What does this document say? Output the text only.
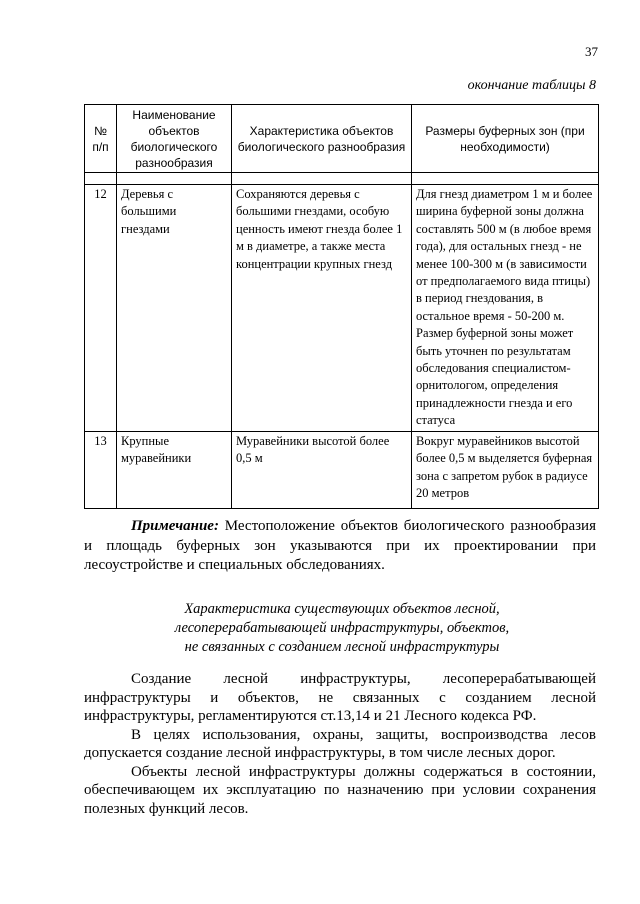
37
окончание таблицы 8
№
п/п	Наименование объектов биологического разнообразия	Характеристика объектов биологического разнообразия	Размеры буферных зон (при необходимости)

12	Деревья с большими гнездами	Сохраняются деревья с большими гнездами, особую ценность имеют гнезда более 1 м в диаметре, а также места концентрации крупных гнезд	Для гнезд диаметром 1 м и более ширина буферной зоны должна составлять 500 м (в любое время года), для остальных гнезд - не менее 100-300 м (в зависимости от предполагаемого вида птицы) в период гнездования, в остальное время - 50-200 м. Размер буферной зоны может быть уточнен по результатам обследования специалистом-орнитологом, определения принадлежности гнезда и его статуса
13	Крупные муравейники	Муравейники высотой более 0,5 м	Вокруг муравейников высотой более 0,5 м выделяется буферная зона с запретом рубок в радиусе 20 метров

Примечание: Местоположение объектов биологического разнообразия и площадь буферных зон указываются при их проектировании при лесоустройстве и специальных обследованиях.

Характеристика существующих объектов лесной,
лесоперерабатывающей инфраструктуры, объектов,
не связанных с созданием лесной инфраструктуры

Создание лесной инфраструктуры, лесоперерабатывающей инфраструктуры и объектов, не связанных с созданием лесной инфраструктуры, регламентируются ст.13,14 и 21 Лесного кодекса РФ.

В целях использования, охраны, защиты, воспроизводства лесов допускается создание лесной инфраструктуры, в том числе лесных дорог.

Объекты лесной инфраструктуры должны содержаться в состоянии, обеспечивающем их эксплуатацию по назначению при условии сохранения полезных функций лесов.
